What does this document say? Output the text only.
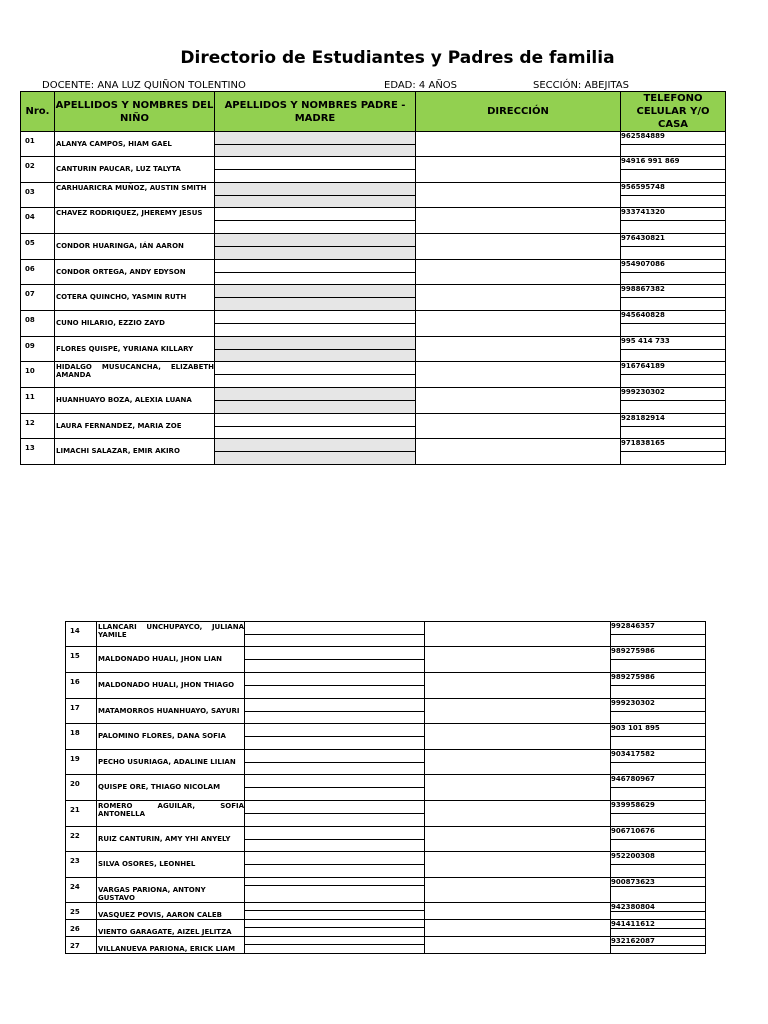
Directorio de Estudiantes y Padres de familia
DOCENTE: ANA LUZ QUIÑON TOLENTINO	EDAD: 4 AÑOS	SECCIÓN: ABEJITAS
Nro.	APELLIDOS Y NOMBRES DEL NIÑO	APELLIDOS Y NOMBRES PADRE - MADRE	DIRECCIÓN	TELEFONO CELULAR Y/O CASA
01	ALANYA CAMPOS, HIAM GAEL			962584889

02	CANTURIN PAUCAR, LUZ TALYTA			94916 991 869

03	CARHUARICRA MUÑOZ, AUSTIN SMITH			956595748

04	CHAVEZ RODRIQUEZ, JHEREMY JESUS			933741320

05	CONDOR HUARINGA, IÁN AARON			976430821

06	CONDOR ORTEGA, ANDY EDYSON			954907086

07	COTERA QUINCHO, YASMIN RUTH			998867382

08	CUNO HILARIO, EZZIO ZAYD			945640828

09	FLORES QUISPE, YURIANA KILLARY			995 414 733

10	HIDALGO MUSUCANCHA, ELIZABETH AMANDA			916764189

11	HUANHUAYO BOZA, ALEXIA LUANA			999230302

12	LAURA FERNANDEZ, MARIA ZOE			928182914

13	LIMACHI SALAZAR, EMIR AKIRO			971838165
14	LLANCARI UNCHUPAYCO, JULIANA YAMILE			992846357

15	MALDONADO HUALI, JHON LIAN			989275986

16	MALDONADO HUALI, JHON THIAGO			989275986

17	MATAMORROS HUANHUAYO, SAYURI			999230302

18	PALOMINO FLORES, DANA SOFIA			903 101 895

19	PECHO USURIAGA, ADALINE LILIAN			903417582

20	QUISPE ORE, THIAGO NICOLAM			946780967

21	ROMERO AGUILAR, SOFIA ANTONELLA			939958629

22	RUIZ CANTURIN, AMY YHI ANYELY			906710676

23	SILVA OSORES, LEONHEL			952200308

24	VARGAS PARIONA, ANTONY GUSTAVO			900873623

25	VASQUEZ POVIS, AARON CALEB			942380804

26	VIENTO GARAGATE, AIZEL JELITZA			941411612

27	VILLANUEVA PARIONA, ERICK LIAM			932162087
